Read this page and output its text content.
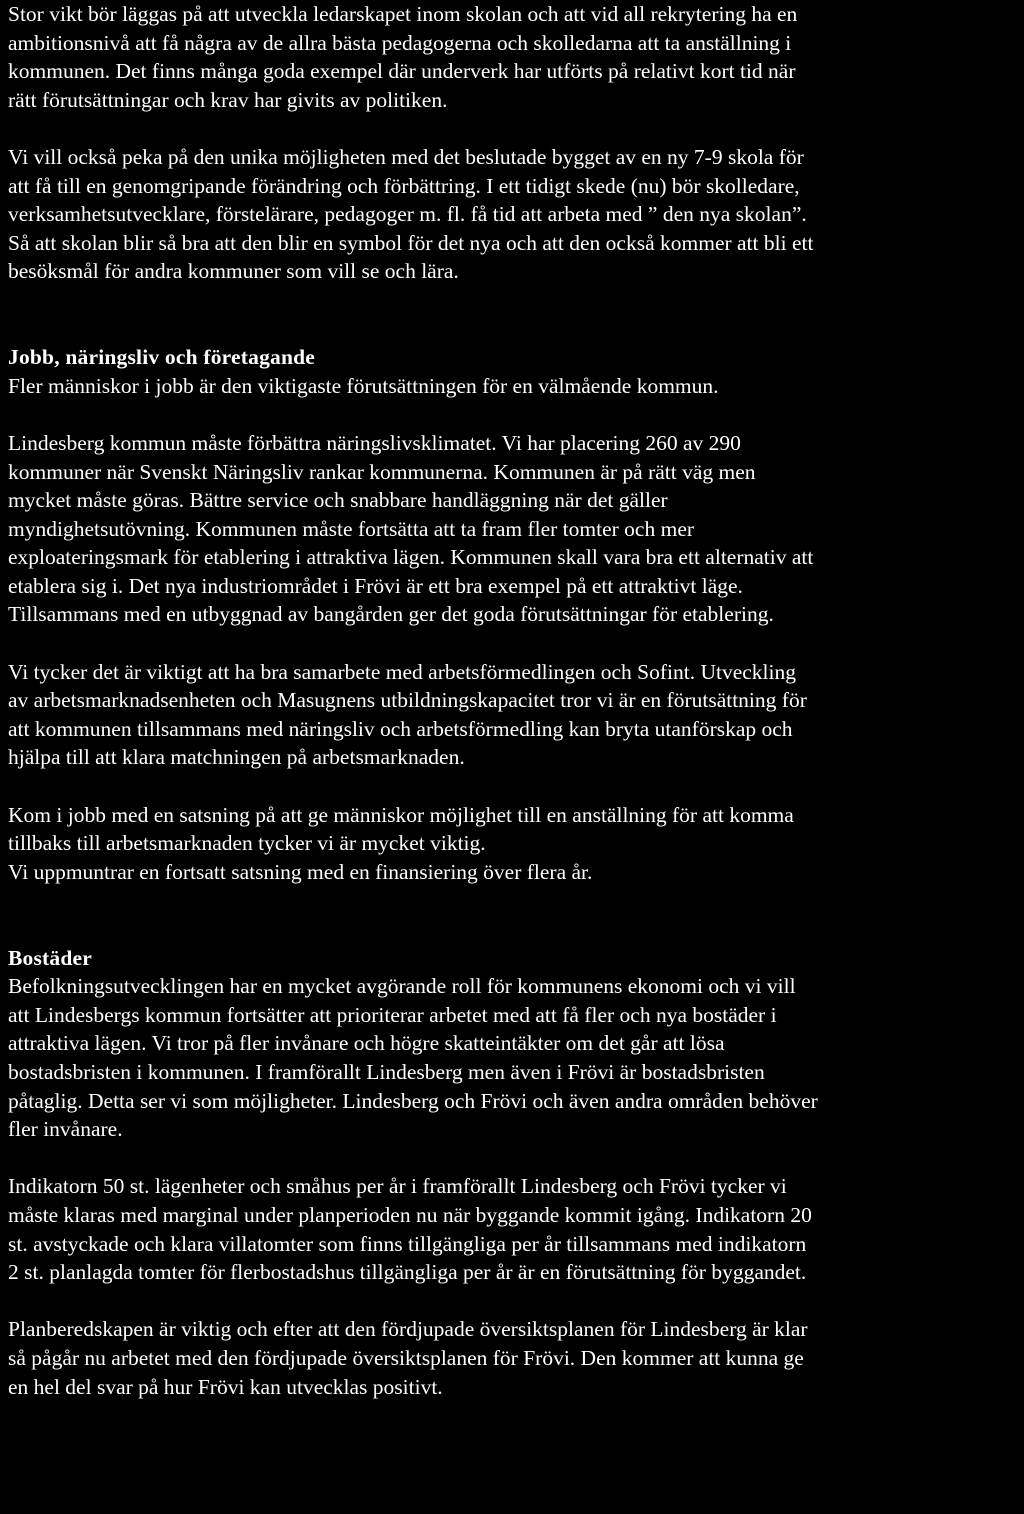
Stor vikt bör läggas på att utveckla ledarskapet inom skolan och att vid all rekrytering ha en
ambitionsnivå att få några av de allra bästa pedagogerna och skolledarna att ta anställning i
kommunen. Det finns många goda exempel där underverk har utförts på relativt kort tid när
rätt förutsättningar och krav har givits av politiken.

Vi vill också peka på den unika möjligheten med det beslutade bygget av en ny 7-9 skola för
att få till en genomgripande förändring och förbättring. I ett tidigt skede (nu) bör skolledare,
verksamhetsutvecklare, förstelärare, pedagoger m. fl. få tid att arbeta med ” den nya skolan”.
Så att skolan blir så bra att den blir en symbol för det nya och att den också kommer att bli ett
besöksmål för andra kommuner som vill se och lära.

Jobb, näringsliv och företagande

Fler människor i jobb är den viktigaste förutsättningen för en välmående kommun.

Lindesberg kommun måste förbättra näringslivsklimatet. Vi har placering 260 av 290
kommuner när Svenskt Näringsliv rankar kommunerna. Kommunen är på rätt väg men
mycket måste göras. Bättre service och snabbare handläggning när det gäller
myndighetsutövning. Kommunen måste fortsätta att ta fram fler tomter och mer
exploateringsmark för etablering i attraktiva lägen. Kommunen skall vara bra ett alternativ att
etablera sig i. Det nya industriområdet i Frövi är ett bra exempel på ett attraktivt läge.
Tillsammans med en utbyggnad av bangården ger det goda förutsättningar för etablering.

Vi tycker det är viktigt att ha bra samarbete med arbetsförmedlingen och Sofint. Utveckling
av arbetsmarknadsenheten och Masugnens utbildningskapacitet tror vi är en förutsättning för
att kommunen tillsammans med näringsliv och arbetsförmedling kan bryta utanförskap och
hjälpa till att klara matchningen på arbetsmarknaden.

Kom i jobb med en satsning på att ge människor möjlighet till en anställning för att komma
tillbaks till arbetsmarknaden tycker vi är mycket viktig.
Vi uppmuntrar en fortsatt satsning med en finansiering över flera år.

Bostäder

Befolkningsutvecklingen har en mycket avgörande roll för kommunens ekonomi och vi vill
att Lindesbergs kommun fortsätter att prioriterar arbetet med att få fler och nya bostäder i
attraktiva lägen. Vi tror på fler invånare och högre skatteintäkter om det går att lösa
bostadsbristen i kommunen. I framförallt Lindesberg men även i Frövi är bostadsbristen
påtaglig. Detta ser vi som möjligheter. Lindesberg och Frövi och även andra områden behöver
fler invånare.

Indikatorn 50 st. lägenheter och småhus per år i framförallt Lindesberg och Frövi tycker vi
måste klaras med marginal under planperioden nu när byggande kommit igång. Indikatorn 20
st. avstyckade och klara villatomter som finns tillgängliga per år tillsammans med indikatorn
2 st. planlagda tomter för flerbostadshus tillgängliga per år är en förutsättning för byggandet.

Planberedskapen är viktig och efter att den fördjupade översiktsplanen för Lindesberg är klar
så pågår nu arbetet med den fördjupade översiktsplanen för Frövi. Den kommer att kunna ge
en hel del svar på hur Frövi kan utvecklas positivt.
